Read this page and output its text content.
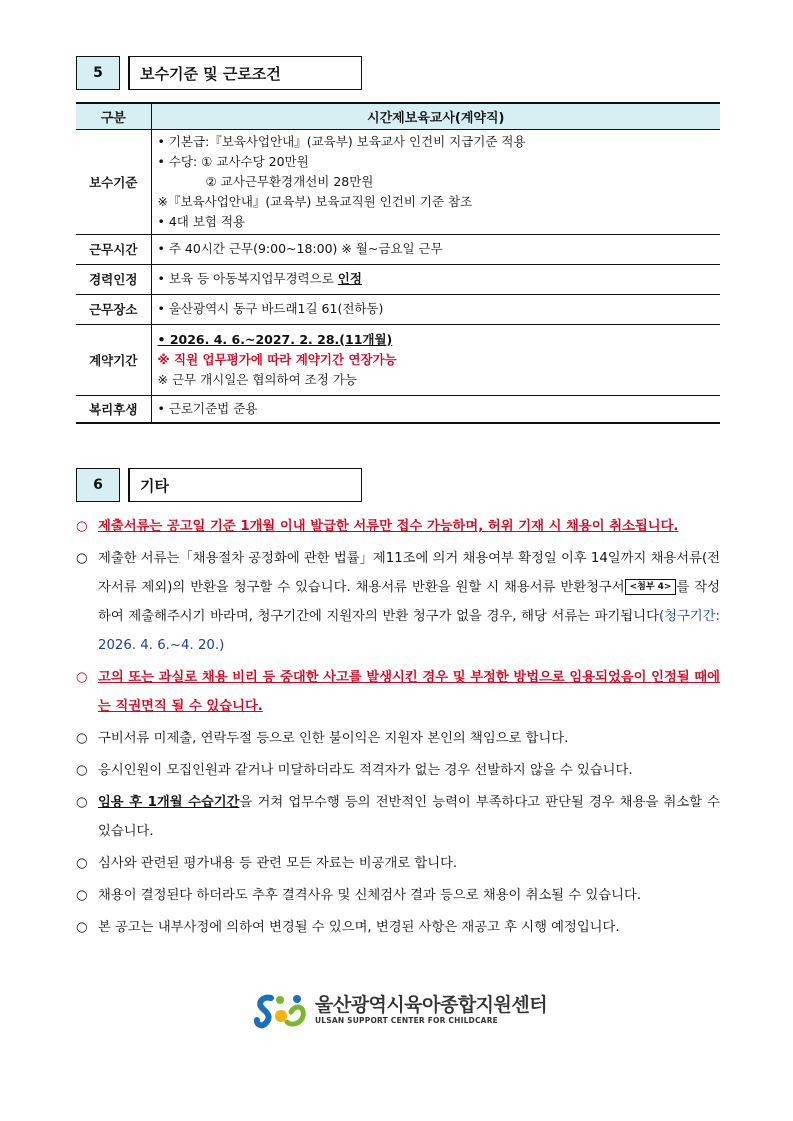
5	보수기준 및 근로조건
구분	시간제보육교사(계약직)
보수기준	• 기본급:『보육사업안내』(교육부) 보육교사 인건비 지급기준 적용
• 수당: ① 교사수당 20만원
② 교사근무환경개선비 28만원
※『보육사업안내』(교육부) 보육교직원 인건비 기준 참조
• 4대 보험 적용

근무시간	• 주 40시간 근무(9:00~18:00) ※ 월~금요일 근무

경력인정	• 보육 등 아동복지업무경력으로 인정

근무장소	• 울산광역시 동구 바드래1길 61(전하동)

계약기간	• 2026. 4. 6.~2027. 2. 28.(11개월)
※ 직원 업무평가에 따라 계약기간 연장가능
※ 근무 개시일은 협의하여 조정 가능

복리후생	• 근로기준법 준용
6	기타
○ 제출서류는 공고일 기준 1개월 이내 발급한 서류만 접수 가능하며, 허위 기재 시 채용이 취소됩니다.
○ 제출한 서류는「채용절차 공정화에 관한 법률」제11조에 의거 채용여부 확정일 이후 14일까지 채용서류(전자서류 제외)의 반환을 청구할 수 있습니다. 채용서류 반환을 원할 시 채용서류 반환청구서 <첨부 4> 를 작성하여 제출해주시기 바라며, 청구기간에 지원자의 반환 청구가 없을 경우, 해당 서류는 파기됩니다(청구기간: 2026. 4. 6.~4. 20.)
○ 고의 또는 과실로 채용 비리 등 중대한 사고를 발생시킨 경우 및 부정한 방법으로 임용되었음이 인정될 때에는 직권면직 될 수 있습니다.
○ 구비서류 미제출, 연락두절 등으로 인한 불이익은 지원자 본인의 책임으로 합니다.
○ 응시인원이 모집인원과 같거나 미달하더라도 적격자가 없는 경우 선발하지 않을 수 있습니다.
○ 임용 후 1개월 수습기간을 거쳐 업무수행 등의 전반적인 능력이 부족하다고 판단될 경우 채용을 취소할 수 있습니다.
○ 심사와 관련된 평가내용 등 관련 모든 자료는 비공개로 합니다.
○ 채용이 결정된다 하더라도 추후 결격사유 및 신체검사 결과 등으로 채용이 취소될 수 있습니다.
○ 본 공고는 내부사정에 의하여 변경될 수 있으며, 변경된 사항은 재공고 후 시행 예정입니다.
울산광역시육아종합지원센터
ULSAN SUPPORT CENTER FOR CHILDCARE
